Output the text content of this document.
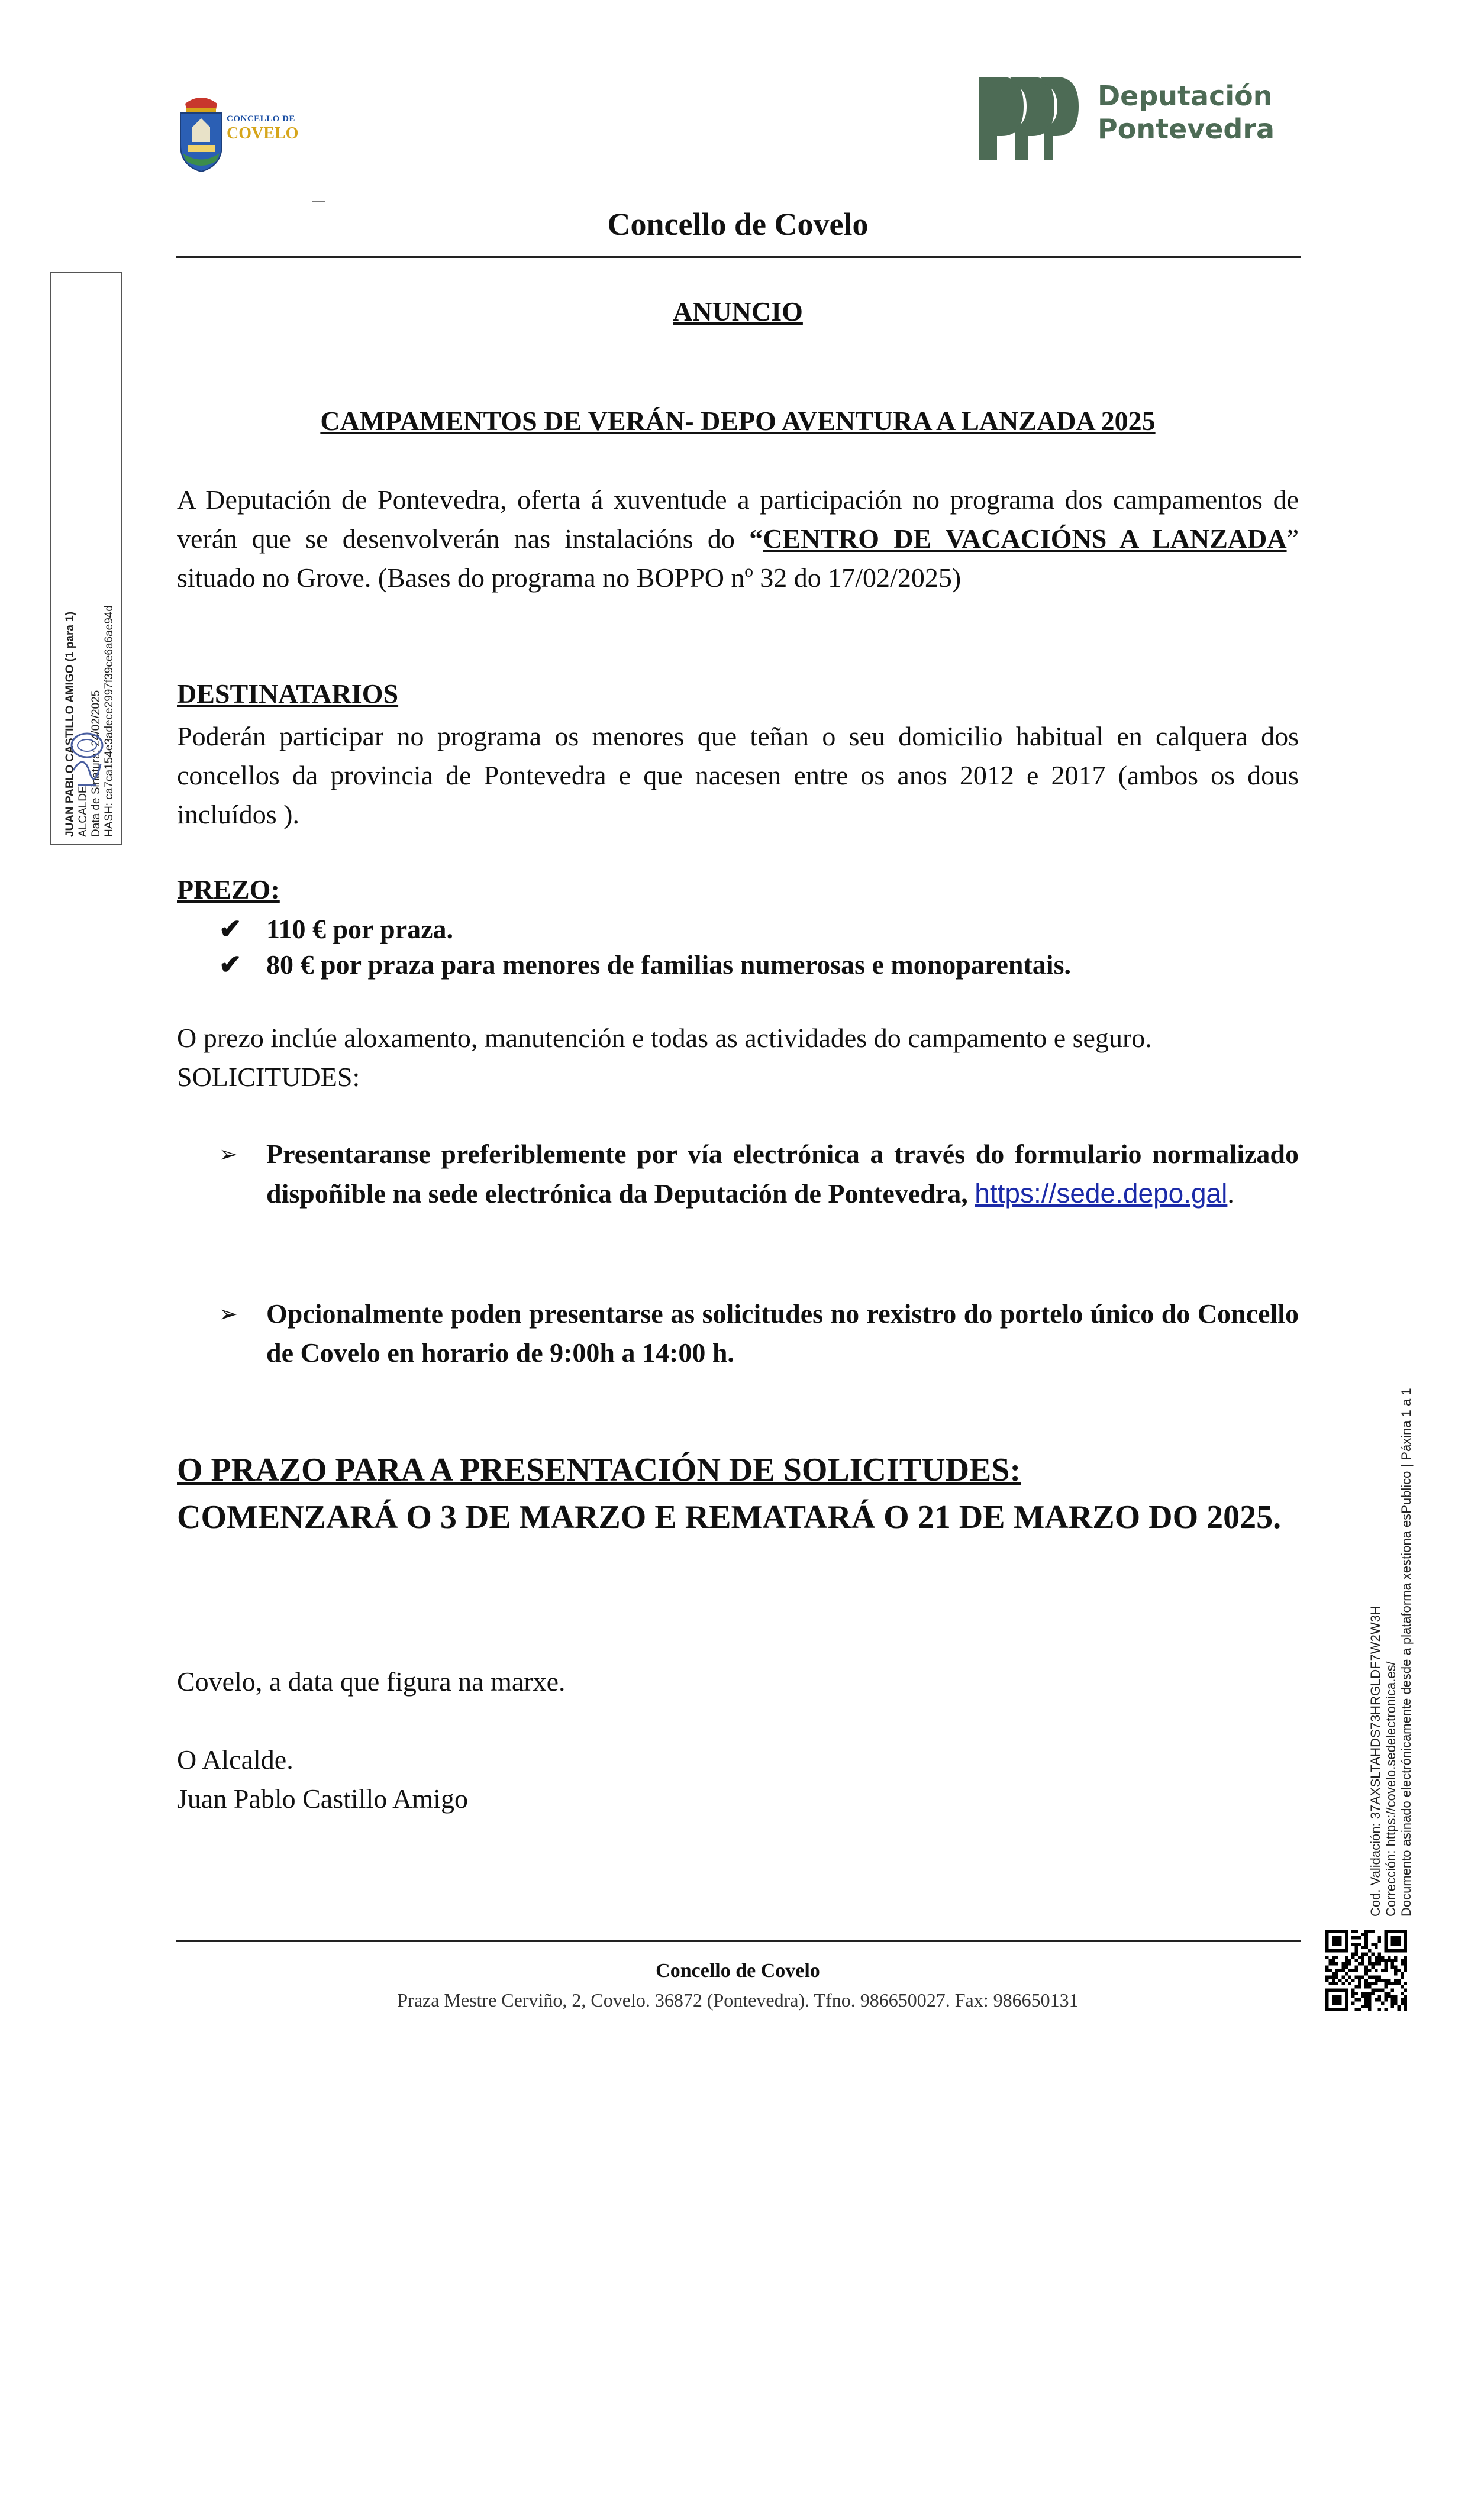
CONCELLO DE
COVELO
Deputación
Pontevedra
Concello de Covelo
ANUNCIO
CAMPAMENTOS DE VERÁN- DEPO AVENTURA A LANZADA 2025
A Deputación de Pontevedra, oferta á xuventude a participación no programa dos campamentos de verán que se desenvolverán nas instalacións do “CENTRO DE VACACIÓNS A LANZADA” situado no Grove. (Bases do programa no BOPPO nº 32 do 17/02/2025)
DESTINATARIOS
Poderán participar no programa os menores que teñan o seu domicilio habitual en calquera dos concellos da provincia de Pontevedra e que nacesen entre os anos 2012 e 2017 (ambos os dous incluídos ).
PREZO:
✔ 110 € por praza.
✔ 80 € por praza para menores de familias numerosas e monoparentais.
O prezo inclúe aloxamento, manutención e todas as actividades do campamento e seguro.
SOLICITUDES:
➢ Presentaranse preferiblemente por vía electrónica a través do formulario normalizado dispoñible na sede electrónica da Deputación de Pontevedra, https://sede.depo.gal.
➢ Opcionalmente poden presentarse as solicitudes no rexistro do portelo único do Concello de Covelo en horario de 9:00h a 14:00 h.
O PRAZO PARA A PRESENTACIÓN DE SOLICITUDES:
COMENZARÁ O 3 DE MARZO E REMATARÁ O 21 DE MARZO DO 2025.
Covelo, a data que figura na marxe.
O Alcalde.
Juan Pablo Castillo Amigo
Concello de Covelo
Praza Mestre Cerviño, 2, Covelo. 36872 (Pontevedra). Tfno. 986650027. Fax: 986650131
JUAN PABLO CASTILLO AMIGO (1 para 1) ALCALDE Data de Sinatura: 24/02/2025 HASH: ca7ca154e3adece2997f39ce6a6ae94d
Cod. Validación: 37AXSLTAHDS73HRGLDF7W2W3H Corrección: https://covelo.sedelectronica.es/ Documento asinado electrónicamente desde a plataforma xestiona esPublico | Páxina 1 a 1
